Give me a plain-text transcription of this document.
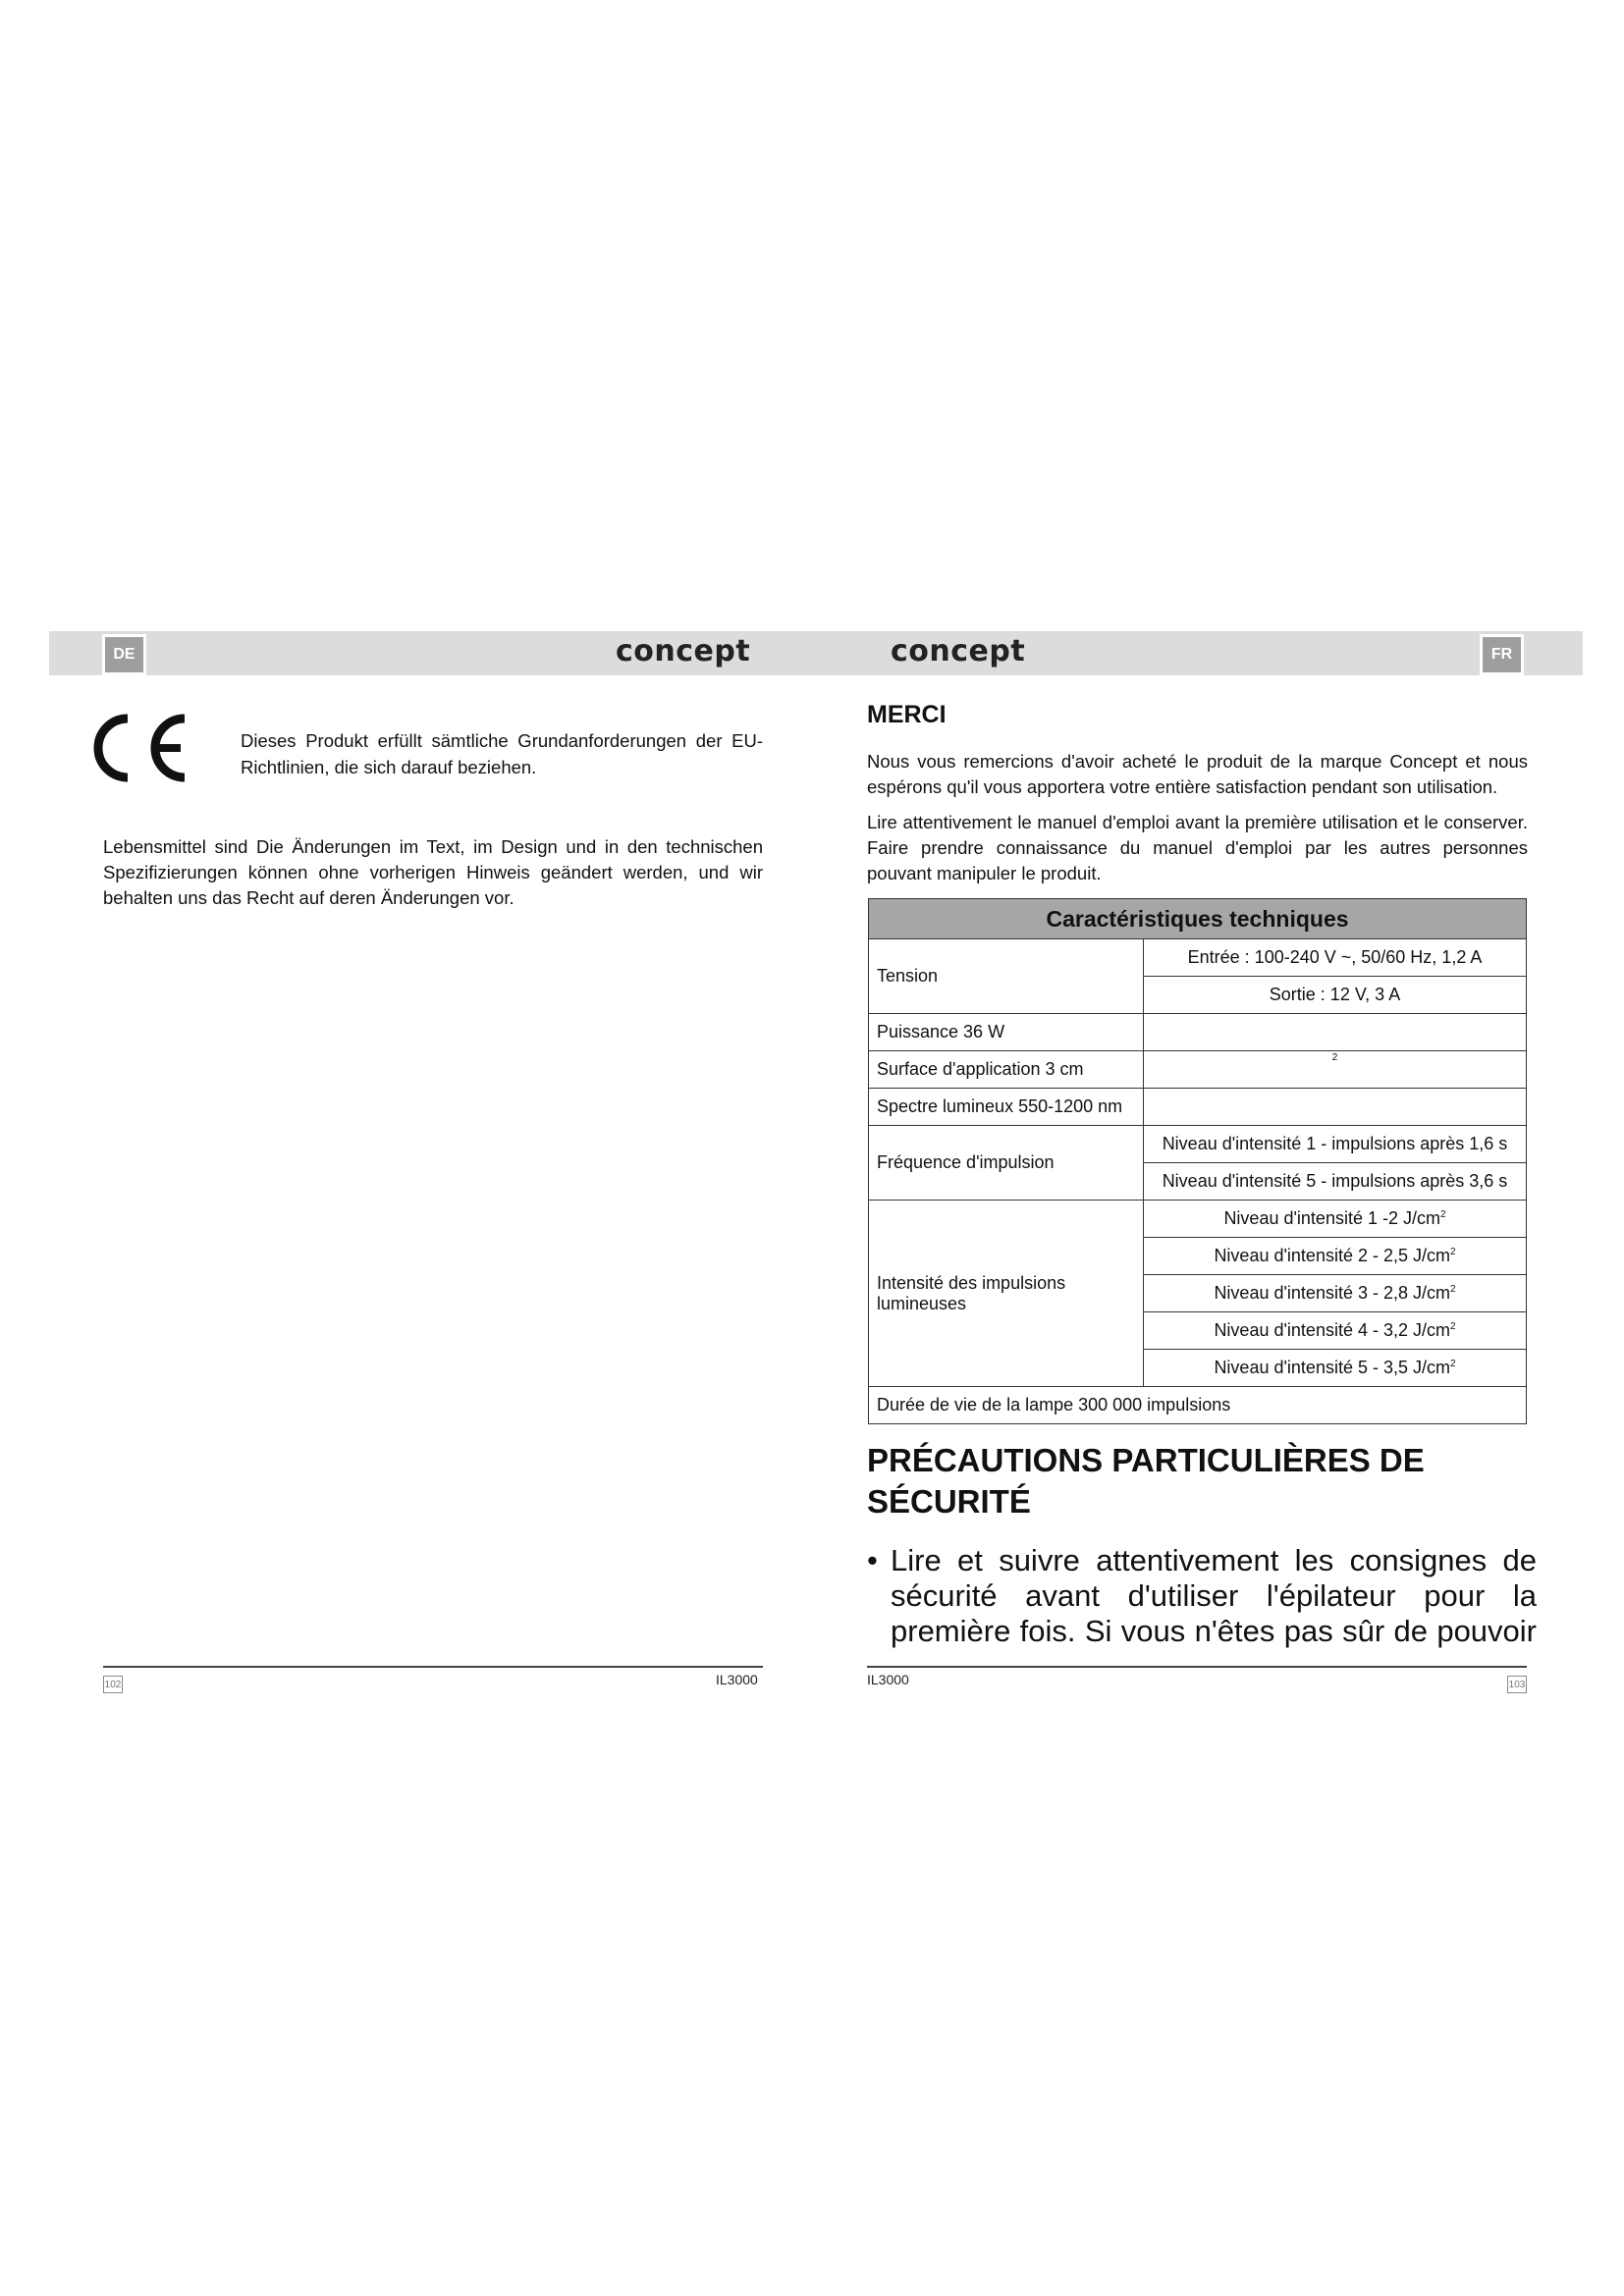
DE	FR
concept	concept
Dieses Produkt erfüllt sämtliche Grundanforderungen der EU-Richtlinien, die sich darauf beziehen.
Lebensmittel sind Die Änderungen im Text, im Design und in den technischen Spezifizierungen können ohne vorherigen Hinweis geändert werden, und wir behalten uns das Recht auf deren Änderungen vor.
MERCI
Nous vous remercions d'avoir acheté le produit de la marque Concept et nous espérons qu'il vous apportera votre entière satisfaction pendant son utilisation.
Lire attentivement le manuel d'emploi avant la première utilisation et le conserver. Faire prendre connaissance du manuel d'emploi par les autres personnes pouvant manipuler le produit.
Caractéristiques techniques	
Tension	Entrée : 100-240 V ~, 50/60 Hz, 1,2 A
	Sortie : 12 V, 3 A
Puissance 36 W	
Surface d'application 3 cm	$^2$
Spectre lumineux 550-1200 nm	
Fréquence d'impulsion	Niveau d'intensité 1 - impulsions après 1,6 s
	Niveau d'intensité 5 - impulsions après 3,6 s
Intensité des impulsions lumineuses	Niveau d'intensité 1 -2 $J/cm^2$
	Niveau d'intensité 2 - 2,5 $J/cm^2$
	Niveau d'intensité 3 - 2,8 $J/cm^2$
	Niveau d'intensité 4 - 3,2 $J/cm^2$
	Niveau d'intensité 5 - 3,5 $J/cm^2$
Durée de vie de la lampe 300 000 impulsions	
PRÉCAUTIONS PARTICULIÈRES DE SÉCURITÉ
• Lire et suivre attentivement les consignes de sécurité avant d'utiliser l'épilateur pour la première fois. Si vous n'êtes pas sûr de pouvoir
102	103
IL3000	IL3000
